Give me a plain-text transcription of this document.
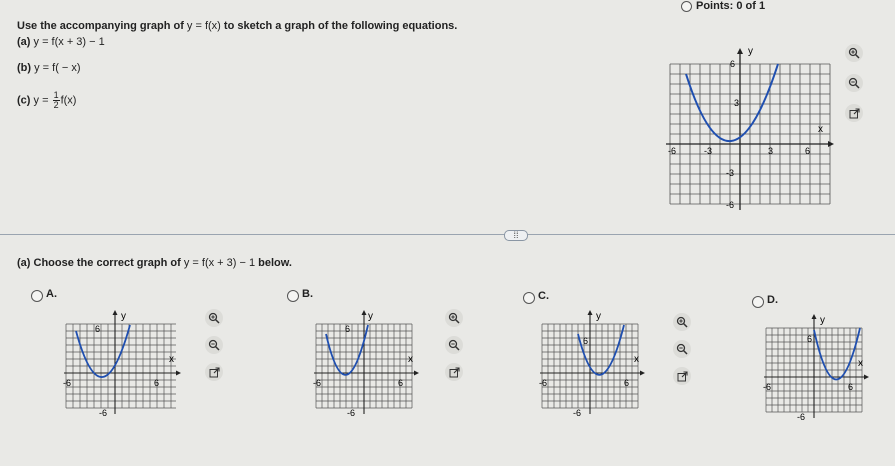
Points: 0 of 1
Use the accompanying graph of y = f(x) to sketch a graph of the following equations.
(a) y = f(x + 3) − 1
(b) y = f( − x)
(c) $y = \frac{1}{2} f(x)$
y
x
6
3
-6	-3	3	6
-3
-6
⁞⁞
(a) Choose the correct graph of y = f(x + 3) − 1 below.
A.
y
x
6
-6	6
-6
B.
y
x
6
-6	6
-6
C.
y
x
6
-6	6
-6
D.
y
x
6
-6	6
-6
